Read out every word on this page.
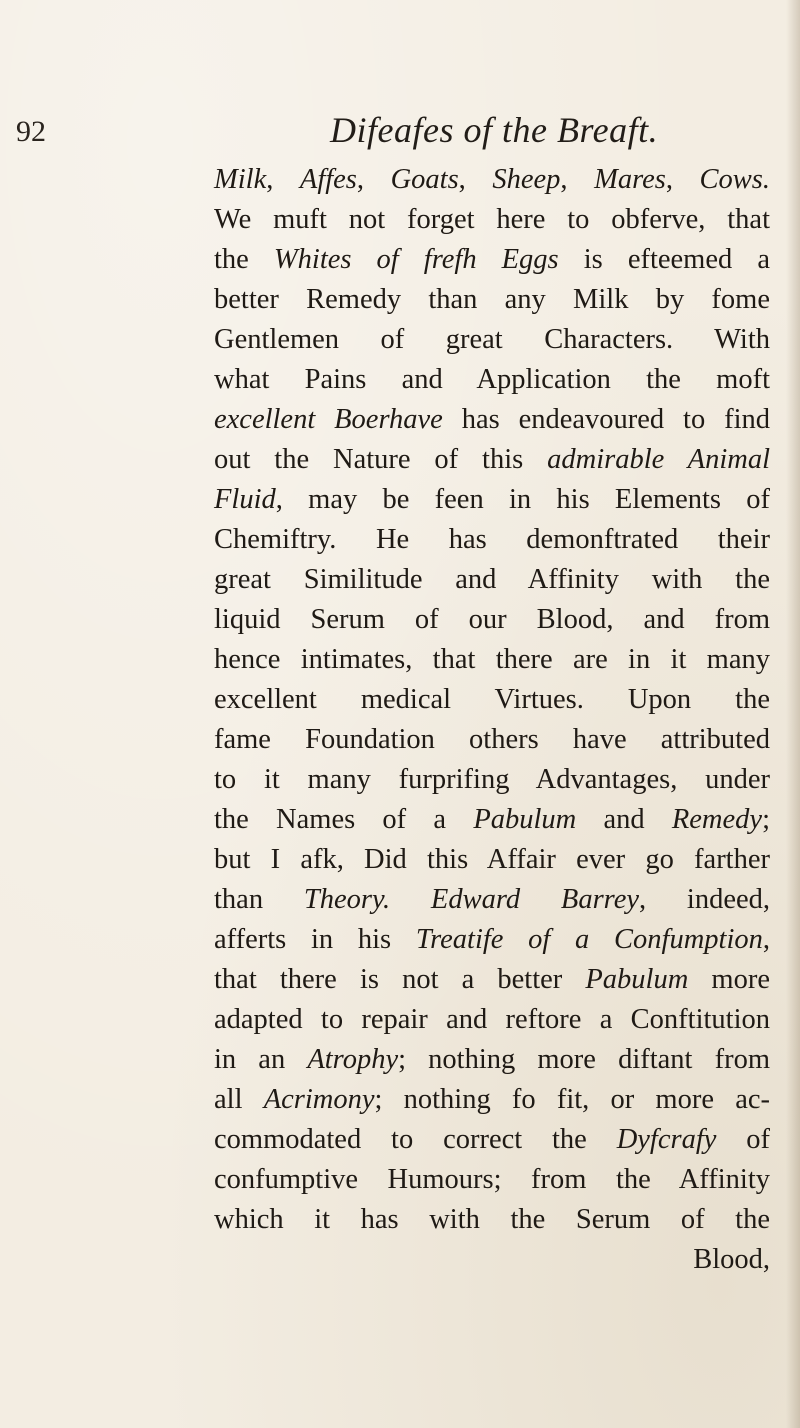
92	Difeafes of the Breaft.
Milk, Affes, Goats, Sheep, Mares, Cows.
We muft not forget here to obferve, that
the Whites of frefh Eggs is efteemed a
better Remedy than any Milk by fome
Gentlemen of great Characters. With
what Pains and Application the moft
excellent Boerhave has endeavoured to find
out the Nature of this admirable Animal
Fluid, may be feen in his Elements of
Chemiftry. He has demonftrated their
great Similitude and Affinity with the
liquid Serum of our Blood, and from
hence intimates, that there are in it many
excellent medical Virtues. Upon the
fame Foundation others have attributed
to it many furprifing Advantages, under
the Names of a Pabulum and Remedy;
but I afk, Did this Affair ever go farther
than Theory. Edward Barrey, indeed,
afferts in his Treatife of a Confumption,
that there is not a better Pabulum more
adapted to repair and reftore a Conftitution
in an Atrophy; nothing more diftant from
all Acrimony; nothing fo fit, or more ac-
commodated to correct the Dyfcrafy of
confumptive Humours; from the Affinity
which it has with the Serum of the
Blood,
